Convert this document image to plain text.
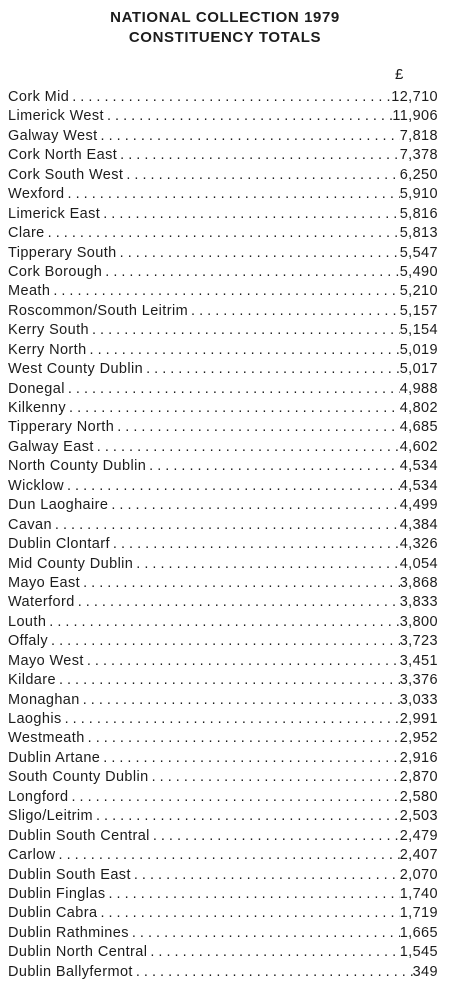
NATIONAL COLLECTION 1979
CONSTITUENCY TOTALS
£
Cork Mid . . .	12,710
Limerick West . . .	11,906
Galway West . . .	7,818
Cork North East . . .	7,378
Cork South West . . .	6,250
Wexford . . .	5,910
Limerick East . . .	5,816
Clare . . .	5,813
Tipperary South . . .	5,547
Cork Borough . . .	5,490
Meath . . .	5,210
Roscommon/South Leitrim . . .	5,157
Kerry South . . .	5,154
Kerry North . . .	5,019
West County Dublin . . .	5,017
Donegal . . .	4,988
Kilkenny . . .	4,802
Tipperary North . . .	4,685
Galway East . . .	4,602
North County Dublin . . .	4,534
Wicklow . . .	4,534
Dun Laoghaire . . .	4,499
Cavan . . .	4,384
Dublin Clontarf . . .	4,326
Mid County Dublin . . .	4,054
Mayo East . . .	3,868
Waterford . . .	3,833
Louth . . .	3,800
Offaly . . .	3,723
Mayo West . . .	3,451
Kildare . . .	3,376
Monaghan . . .	3,033
Laoghis . . .	2,991
Westmeath . . .	2,952
Dublin Artane . . .	2,916
South County Dublin . . .	2,870
Longford . . .	2,580
Sligo/Leitrim . . .	2,503
Dublin South Central . . .	2,479
Carlow . . .	2,407
Dublin South East . . .	2,070
Dublin Finglas . . .	1,740
Dublin Cabra . . .	1,719
Dublin Rathmines . . .	1,665
Dublin North Central . . .	1,545
Dublin Ballyfermot . . .	349
